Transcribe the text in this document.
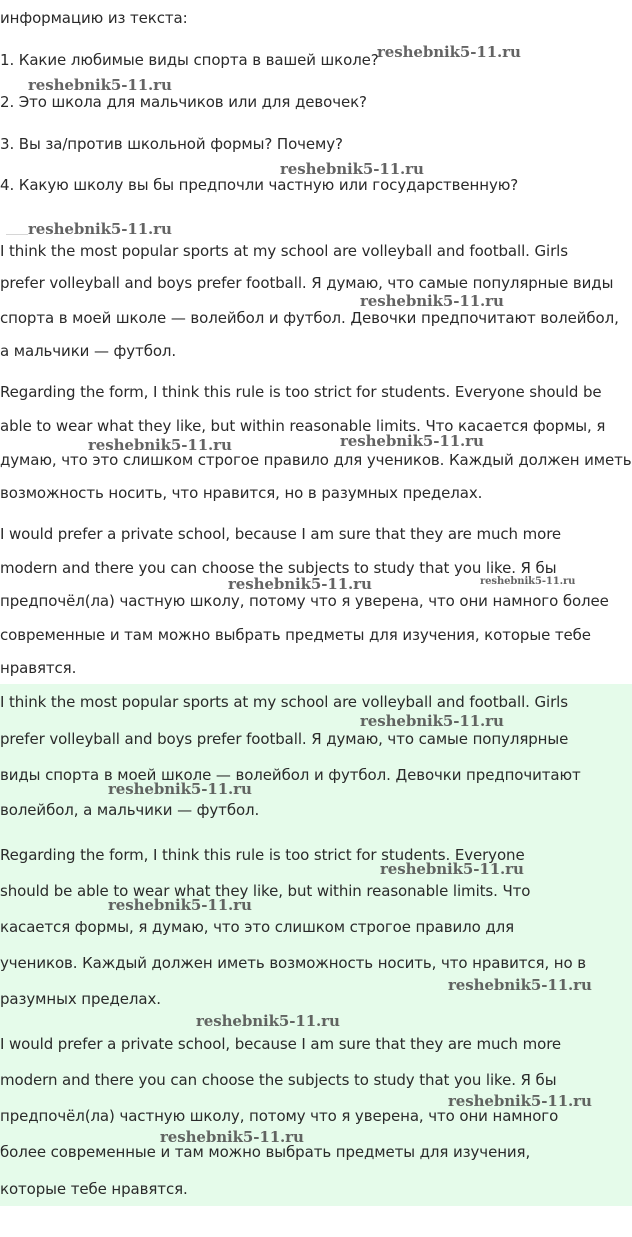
информацию из текста:
1. Какие любимые виды спорта в вашей школе?
2. Это школа для мальчиков или для девочек?
3. Вы за/против школьной формы? Почему?
4. Какую школу вы бы предпочли частную или государственную?
I think the most popular sports at my school are volleyball and football. Girls
prefer volleyball and boys prefer football. Я думаю, что самые популярные виды
спорта в моей школе — волейбол и футбол. Девочки предпочитают волейбол,
а мальчики — футбол.
Regarding the form, I think this rule is too strict for students. Everyone should be
able to wear what they like, but within reasonable limits. Что касается формы, я
думаю, что это слишком строгое правило для учеников. Каждый должен иметь
возможность носить, что нравится, но в разумных пределах.
I would prefer a private school, because I am sure that they are much more
modern and there you can choose the subjects to study that you like. Я бы
предпочёл(ла) частную школу, потому что я уверена, что они намного более
современные и там можно выбрать предметы для изучения, которые тебе
нравятся.
I think the most popular sports at my school are volleyball and football. Girls
prefer volleyball and boys prefer football. Я думаю, что самые популярные
виды спорта в моей школе — волейбол и футбол. Девочки предпочитают
волейбол, а мальчики — футбол.
Regarding the form, I think this rule is too strict for students. Everyone
should be able to wear what they like, but within reasonable limits. Что
касается формы, я думаю, что это слишком строгое правило для
учеников. Каждый должен иметь возможность носить, что нравится, но в
разумных пределах.
I would prefer a private school, because I am sure that they are much more
modern and there you can choose the subjects to study that you like. Я бы
предпочёл(ла) частную школу, потому что я уверена, что они намного
более современные и там можно выбрать предметы для изучения,
которые тебе нравятся.
reshebnik5-11.ru
reshebnik5-11.ru
reshebnik5-11.ru
reshebnik5-11.ru
reshebnik5-11.ru
reshebnik5-11.ru	reshebnik5-11.ru
reshebnik5-11.ru	reshebnik5-11.ru
reshebnik5-11.ru
reshebnik5-11.ru
reshebnik5-11.ru
reshebnik5-11.ru
reshebnik5-11.ru
reshebnik5-11.ru
reshebnik5-11.ru
reshebnik5-11.ru
